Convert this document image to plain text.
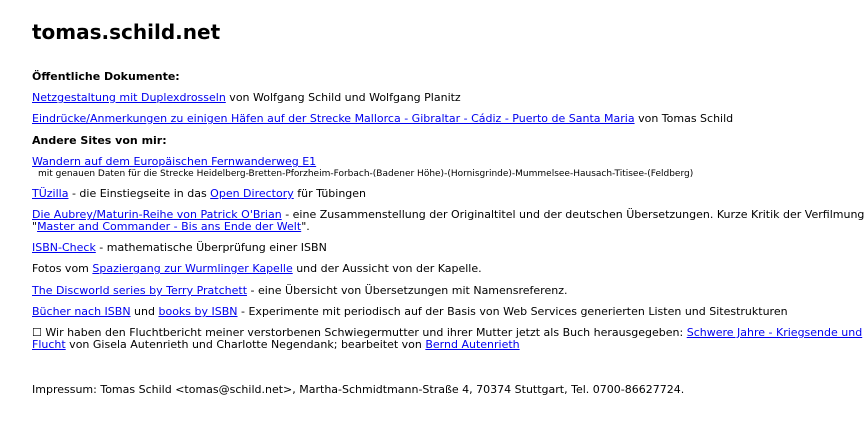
tomas.schild.net
Öffentliche Dokumente:
Netzgestaltung mit Duplexdrosseln von Wolfgang Schild und Wolfgang Planitz
Eindrücke/Anmerkungen zu einigen Häfen auf der Strecke Mallorca - Gibraltar - Cádiz - Puerto de Santa Maria von Tomas Schild
Andere Sites von mir:
Wandern auf dem Europäischen Fernwanderweg E1
mit genauen Daten für die Strecke Heidelberg-Bretten-Pforzheim-Forbach-(Badener Höhe)-(Hornisgrinde)-Mummelsee-Hausach-Titisee-(Feldberg)
TÜzilla - die Einstiegseite in das Open Directory für Tübingen
Die Aubrey/Maturin-Reihe von Patrick O'Brian - eine Zusammenstellung der Originaltitel und der deutschen Übersetzungen. Kurze Kritik der Verfilmung
"Master and Commander - Bis ans Ende der Welt".
ISBN-Check - mathematische Überprüfung einer ISBN
Fotos vom Spaziergang zur Wurmlinger Kapelle und der Aussicht von der Kapelle.
The Discworld series by Terry Pratchett - eine Übersicht von Übersetzungen mit Namensreferenz.
Bücher nach ISBN und books by ISBN - Experimente mit periodisch auf der Basis von Web Services generierten Listen und Sitestrukturen
☐ Wir haben den Fluchtbericht meiner verstorbenen Schwiegermutter und ihrer Mutter jetzt als Buch herausgegeben: Schwere Jahre - Kriegsende und
Flucht von Gisela Autenrieth und Charlotte Negendank; bearbeitet von Bernd Autenrieth
Impressum: Tomas Schild <tomas@schild.net>, Martha-Schmidtmann-Straße 4, 70374 Stuttgart, Tel. 0700-86627724.
